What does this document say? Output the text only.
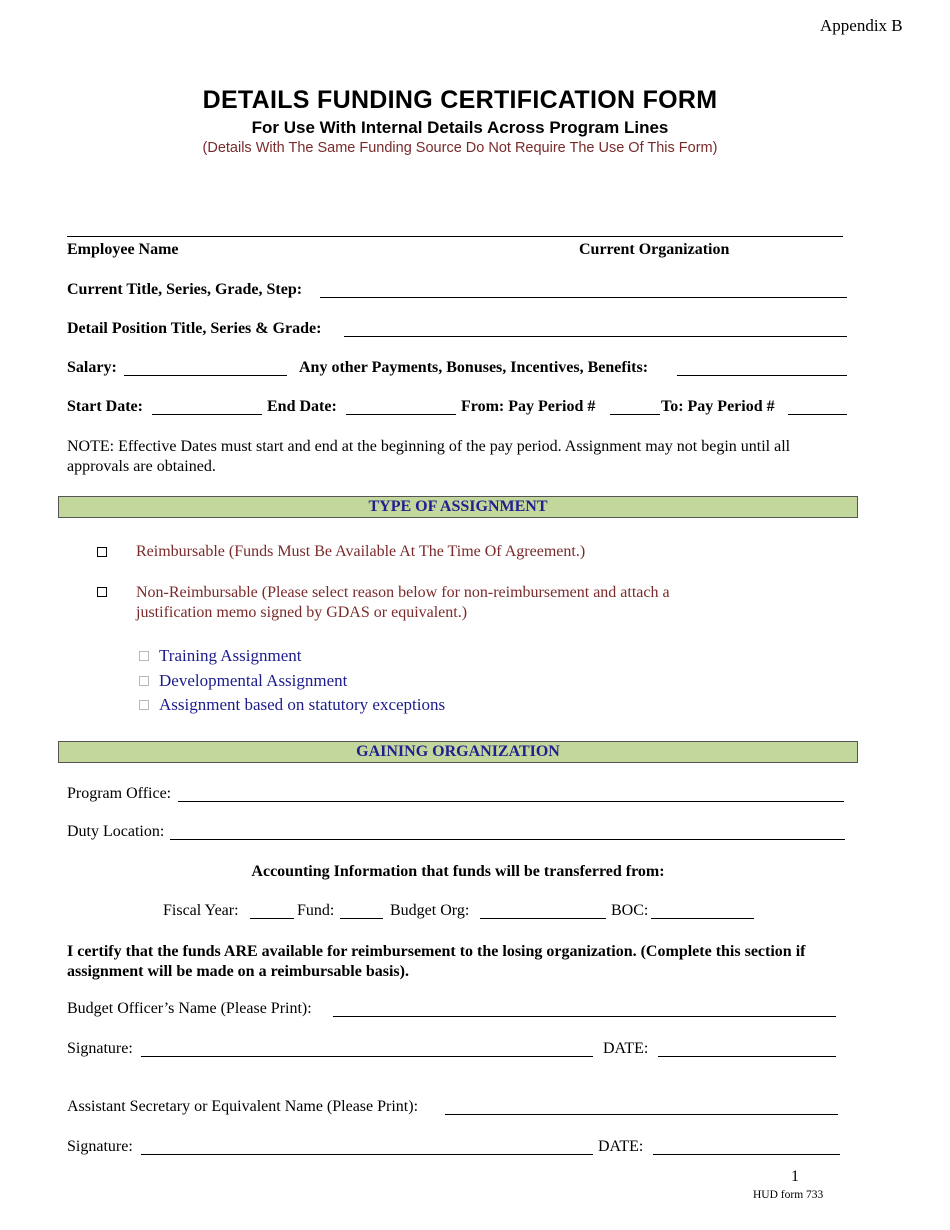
Appendix B
DETAILS FUNDING CERTIFICATION FORM
For Use With Internal Details Across Program Lines
(Details With The Same Funding Source Do Not Require The Use Of This Form)
Employee Name	Current Organization
Current Title, Series, Grade, Step:
Detail Position Title, Series & Grade:
Salary:	Any other Payments, Bonuses, Incentives, Benefits:
Start Date:	End Date:	From: Pay Period #	To: Pay Period #
NOTE: Effective Dates must start and end at the beginning of the pay period. Assignment may not begin until all approvals are obtained.
TYPE OF ASSIGNMENT
Reimbursable (Funds Must Be Available At The Time Of Agreement.)
Non-Reimbursable (Please select reason below for non-reimbursement and attach a justification memo signed by GDAS or equivalent.)
Training Assignment
Developmental Assignment
Assignment based on statutory exceptions
GAINING ORGANIZATION
Program Office:
Duty Location:
Accounting Information that funds will be transferred from:
Fiscal Year:	Fund:	Budget Org:	BOC:
I certify that the funds ARE available for reimbursement to the losing organization. (Complete this section if assignment will be made on a reimbursable basis).
Budget Officer’s Name (Please Print):
Signature:	DATE:
Assistant Secretary or Equivalent Name (Please Print):
Signature:	DATE:
1
HUD form 733
